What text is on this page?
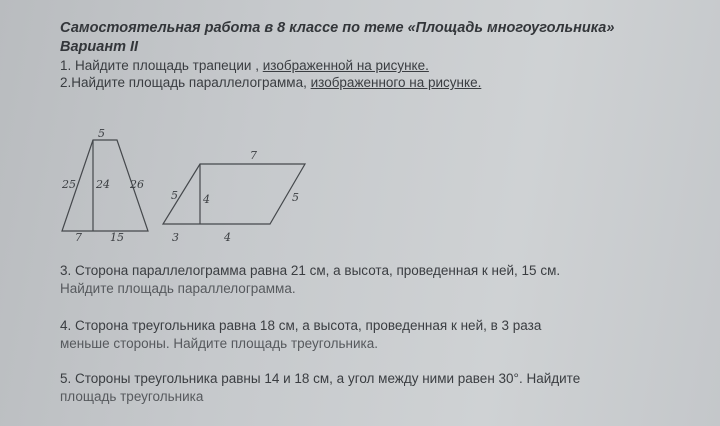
Самостоятельная работа в 8 классе по теме «Площадь многоугольника»
Вариант II
1. Найдите площадь трапеции , изображенной на рисунке.
2.Найдите площадь параллелограмма, изображенного на рисунке.
5
25 24 26
7	15
7
5 4	5
3	4
3. Сторона параллелограмма равна 21 см, а высота, проведенная к ней, 15 см.
Найдите площадь параллелограмма.
4. Сторона треугольника равна 18 см, а высота, проведенная к ней, в 3 раза
меньше стороны. Найдите площадь треугольника.
5. Стороны треугольника равны 14 и 18 см, а угол между ними равен 30°. Найдите
площадь треугольника
